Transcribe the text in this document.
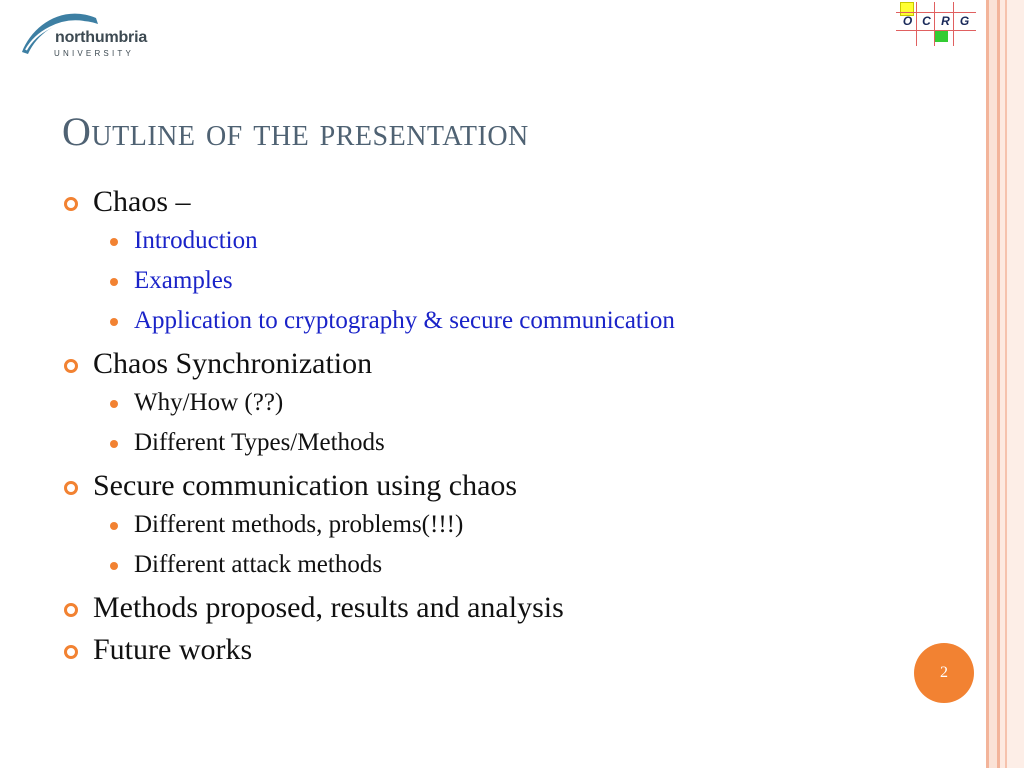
northumbria
UNIVERSITY
O C R G
Outline of the presentation
Chaos –
Introduction
Examples
Application to cryptography & secure communication
Chaos Synchronization
Why/How (??)
Different Types/Methods
Secure communication using chaos
Different methods, problems(!!!)
Different attack methods
Methods proposed, results and analysis
Future works
2
